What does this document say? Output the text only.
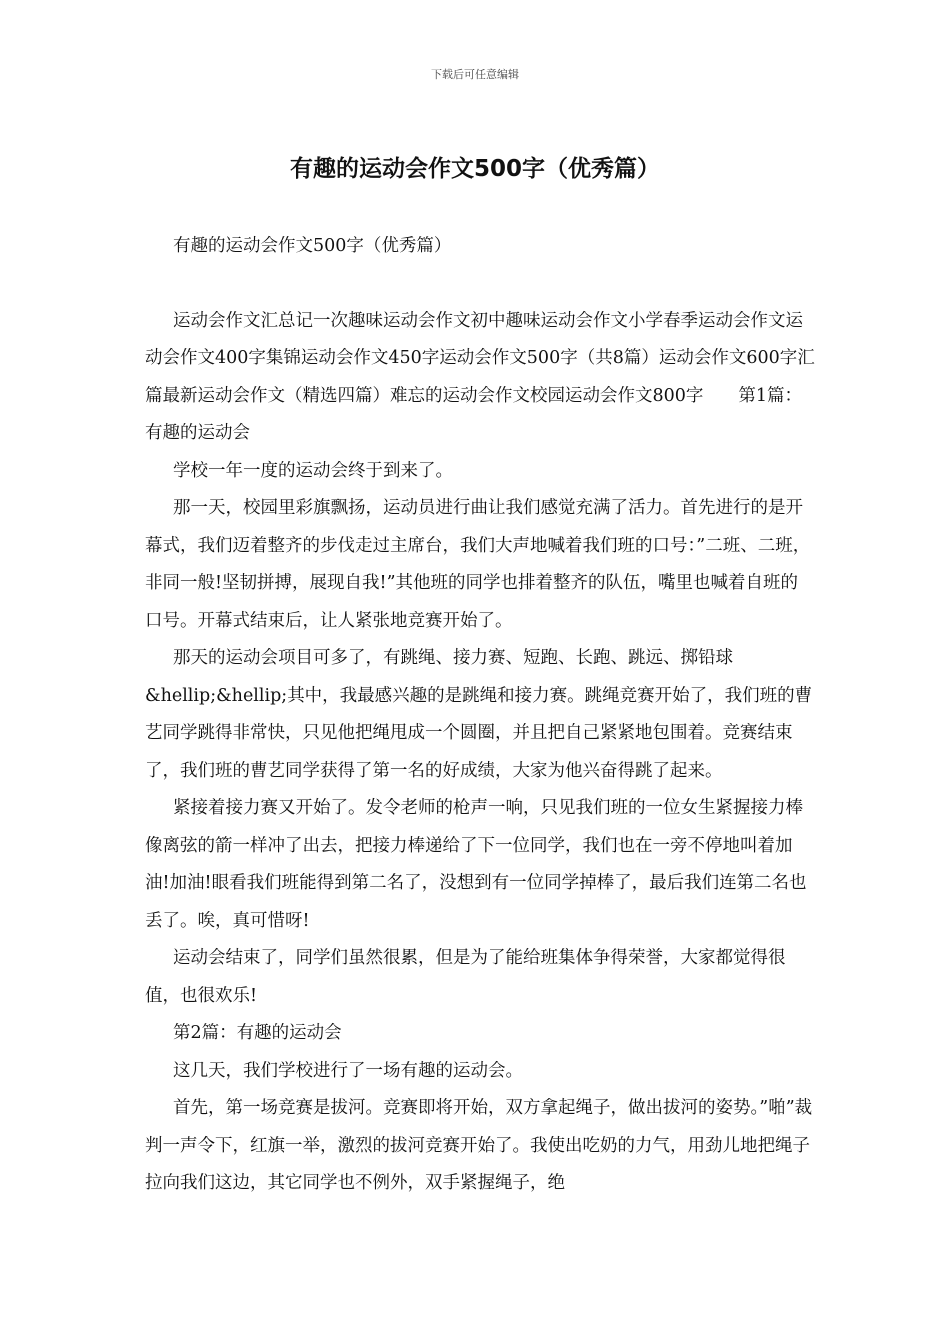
下载后可任意编辑
有趣的运动会作文500字（优秀篇）

有趣的运动会作文500字（优秀篇）

运动会作文汇总记一次趣味运动会作文初中趣味运动会作文小学春季运动会作文运动会作文400字集锦运动会作文450字运动会作文500字（共8篇）运动会作文600字汇篇最新运动会作文（精选四篇）难忘的运动会作文校园运动会作文800字　　第1篇：有趣的运动会

学校一年一度的运动会终于到来了。

那一天，校园里彩旗飘扬，运动员进行曲让我们感觉充满了活力。首先进行的是开幕式，我们迈着整齐的步伐走过主席台，我们大声地喊着我们班的口号：”二班、二班，非同一般!坚韧拼搏，展现自我!”其他班的同学也排着整齐的队伍，嘴里也喊着自班的口号。开幕式结束后，让人紧张地竞赛开始了。

那天的运动会项目可多了，有跳绳、接力赛、短跑、长跑、跳远、掷铅球&hellip;&hellip;其中，我最感兴趣的是跳绳和接力赛。跳绳竞赛开始了，我们班的曹艺同学跳得非常快，只见他把绳甩成一个圆圈，并且把自己紧紧地包围着。竞赛结束了，我们班的曹艺同学获得了第一名的好成绩，大家为他兴奋得跳了起来。

紧接着接力赛又开始了。发令老师的枪声一响，只见我们班的一位女生紧握接力棒像离弦的箭一样冲了出去，把接力棒递给了下一位同学，我们也在一旁不停地叫着加油!加油!眼看我们班能得到第二名了，没想到有一位同学掉棒了，最后我们连第二名也丢了。唉，真可惜呀!

运动会结束了，同学们虽然很累，但是为了能给班集体争得荣誉，大家都觉得很值，也很欢乐!

第2篇：有趣的运动会

这几天，我们学校进行了一场有趣的运动会。

首先，第一场竞赛是拔河。竞赛即将开始，双方拿起绳子，做出拔河的姿势。”啪”裁判一声令下，红旗一举，激烈的拔河竞赛开始了。我使出吃奶的力气，用劲儿地把绳子拉向我们这边，其它同学也不例外，双手紧握绳子，绝
